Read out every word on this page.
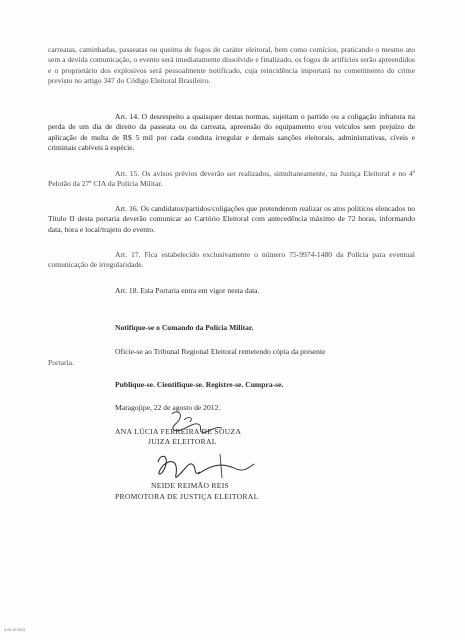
carreatas, caminhadas, passeatas ou queima de fogos de caráter eleitoral, bem como comícios, praticando o mesmo ato sem a devida comunicação, o evento será imediatamente dissolvido e finalizado, os fogos de artifícios serão apreendidos e o proprietário dos explosivos será pessoalmente notificado, cuja reincidência importará no cometimento do crime previsto no artigo 347 do Código Eleitoral Brasileiro.

Art. 14. O desrespeito a quaisquer destas normas, sujeitam o partido ou a coligação infratora na perda de um dia de direito da passeata ou da carreata, apreensão do equipamento e/ou veículos sem prejuízo de aplicação de multa de R$ 5 mil por cada conduta irregular e demais sanções eleitorais, administrativas, cíveis e criminais cabíveis à espécie.

Art. 15. Os avisos prévios deverão ser realizados, simultaneamente, na Justiça Eleitoral e no 4º Pelotão da 27ª CIA da Polícia Militar.

Art. 16. Os candidatos/partidos/coligações que pretenderem realizar os atos políticos elencados no Título II desta portaria deverão comunicar ao Cartório Eleitoral com antecedência máximo de 72 horas, informando data, hora e local/trajeto do evento.

Art. 17. Fica estabelecido exclusivamente o número 75-9974-1480 da Polícia para eventual comunicação de irregularidade.

Art. 18. Esta Portaria entra em vigor nesta data.

Notifique-se o Comando da Polícia Militar.
Oficie-se ao Tribunal Regional Eleitoral remetendo cópia da presente
Portaria.
Publique-se. Cientifique-se. Registre-se. Cumpra-se.
Maragojipe, 22 de agosto de 2012.
ANA LÚCIA FERREIRA DE SOUZA
JUIZA ELEITORAL
NEIDE REIMÃO REIS
PROMOTORA DE JUSTIÇA ELEITORAL
A 09 10 2023
